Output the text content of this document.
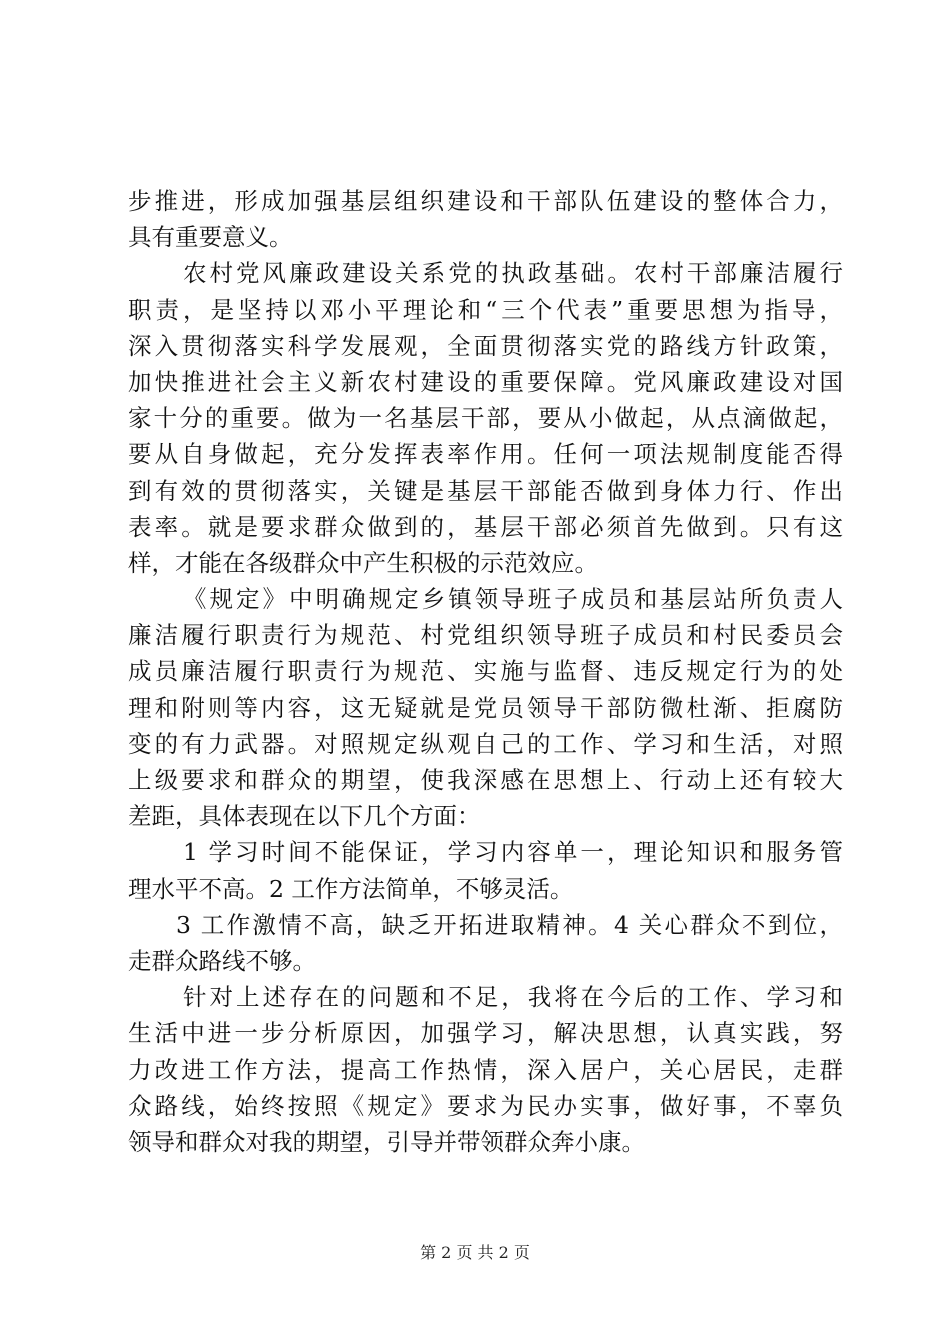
步推进，形成加强基层组织建设和干部队伍建设的整体合力，
具有重要意义。
农村党风廉政建设关系党的执政基础。农村干部廉洁履行
职责，是坚持以邓小平理论和“三个代表”重要思想为指导，
深入贯彻落实科学发展观，全面贯彻落实党的路线方针政策，
加快推进社会主义新农村建设的重要保障。党风廉政建设对国
家十分的重要。做为一名基层干部，要从小做起，从点滴做起，
要从自身做起，充分发挥表率作用。任何一项法规制度能否得
到有效的贯彻落实，关键是基层干部能否做到身体力行、作出
表率。就是要求群众做到的，基层干部必须首先做到。只有这
样，才能在各级群众中产生积极的示范效应。
《规定》中明确规定乡镇领导班子成员和基层站所负责人
廉洁履行职责行为规范、村党组织领导班子成员和村民委员会
成员廉洁履行职责行为规范、实施与监督、违反规定行为的处
理和附则等内容，这无疑就是党员领导干部防微杜渐、拒腐防
变的有力武器。对照规定纵观自己的工作、学习和生活，对照
上级要求和群众的期望，使我深感在思想上、行动上还有较大
差距，具体表现在以下几个方面：
1 学习时间不能保证，学习内容单一，理论知识和服务管
理水平不高。2 工作方法简单，不够灵活。
3 工作激情不高，缺乏开拓进取精神。4 关心群众不到位，
走群众路线不够。
针对上述存在的问题和不足，我将在今后的工作、学习和
生活中进一步分析原因，加强学习，解决思想，认真实践，努
力改进工作方法，提高工作热情，深入居户，关心居民，走群
众路线，始终按照《规定》要求为民办实事，做好事，不辜负
领导和群众对我的期望，引导并带领群众奔小康。
第 2 页 共 2 页
